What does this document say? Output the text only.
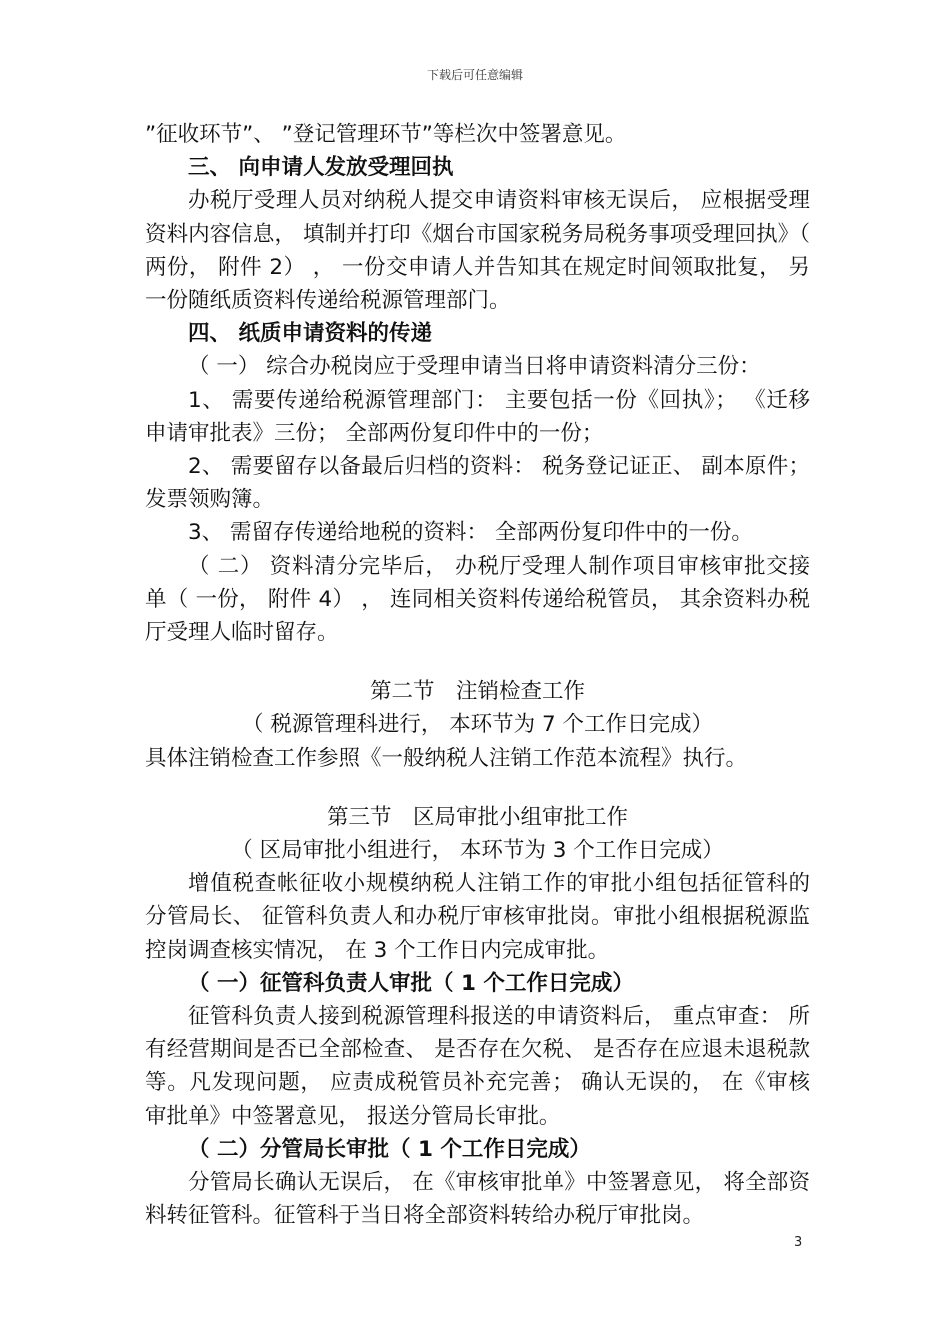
下载后可任意编辑

”征收环节”、 ”登记管理环节”等栏次中签署意见。

三、 向申请人发放受理回执

办税厅受理人员对纳税人提交申请资料审核无误后， 应根据受理资料内容信息， 填制并打印《烟台市国家税务局税务事项受理回执》（ 两份， 附件 2） ， 一份交申请人并告知其在规定时间领取批复， 另一份随纸质资料传递给税源管理部门。

四、 纸质申请资料的传递

（ 一） 综合办税岗应于受理申请当日将申请资料清分三份：

1、 需要传递给税源管理部门： 主要包括一份《回执》； 《迁移申请审批表》三份； 全部两份复印件中的一份；

2、 需要留存以备最后归档的资料： 税务登记证正、 副本原件； 发票领购簿。

3、 需留存传递给地税的资料： 全部两份复印件中的一份。

（ 二） 资料清分完毕后， 办税厅受理人制作项目审核审批交接单（ 一份， 附件 4） ， 连同相关资料传递给税管员， 其余资料办税厅受理人临时留存。

第二节　注销检查工作

（ 税源管理科进行， 本环节为 7 个工作日完成）

具体注销检查工作参照《一般纳税人注销工作范本流程》执行。

第三节　区局审批小组审批工作

（ 区局审批小组进行， 本环节为 3 个工作日完成）

增值税查帐征收小规模纳税人注销工作的审批小组包括征管科的分管局长、 征管科负责人和办税厅审核审批岗。审批小组根据税源监控岗调查核实情况， 在 3 个工作日内完成审批。

（ 一）征管科负责人审批（ 1 个工作日完成）

征管科负责人接到税源管理科报送的申请资料后， 重点审查： 所有经营期间是否已全部检查、 是否存在欠税、 是否存在应退未退税款等。凡发现问题， 应责成税管员补充完善； 确认无误的， 在《审核审批单》中签署意见， 报送分管局长审批。

（ 二）分管局长审批（ 1 个工作日完成）

分管局长确认无误后， 在《审核审批单》中签署意见， 将全部资料转征管科。征管科于当日将全部资料转给办税厅审批岗。

3
